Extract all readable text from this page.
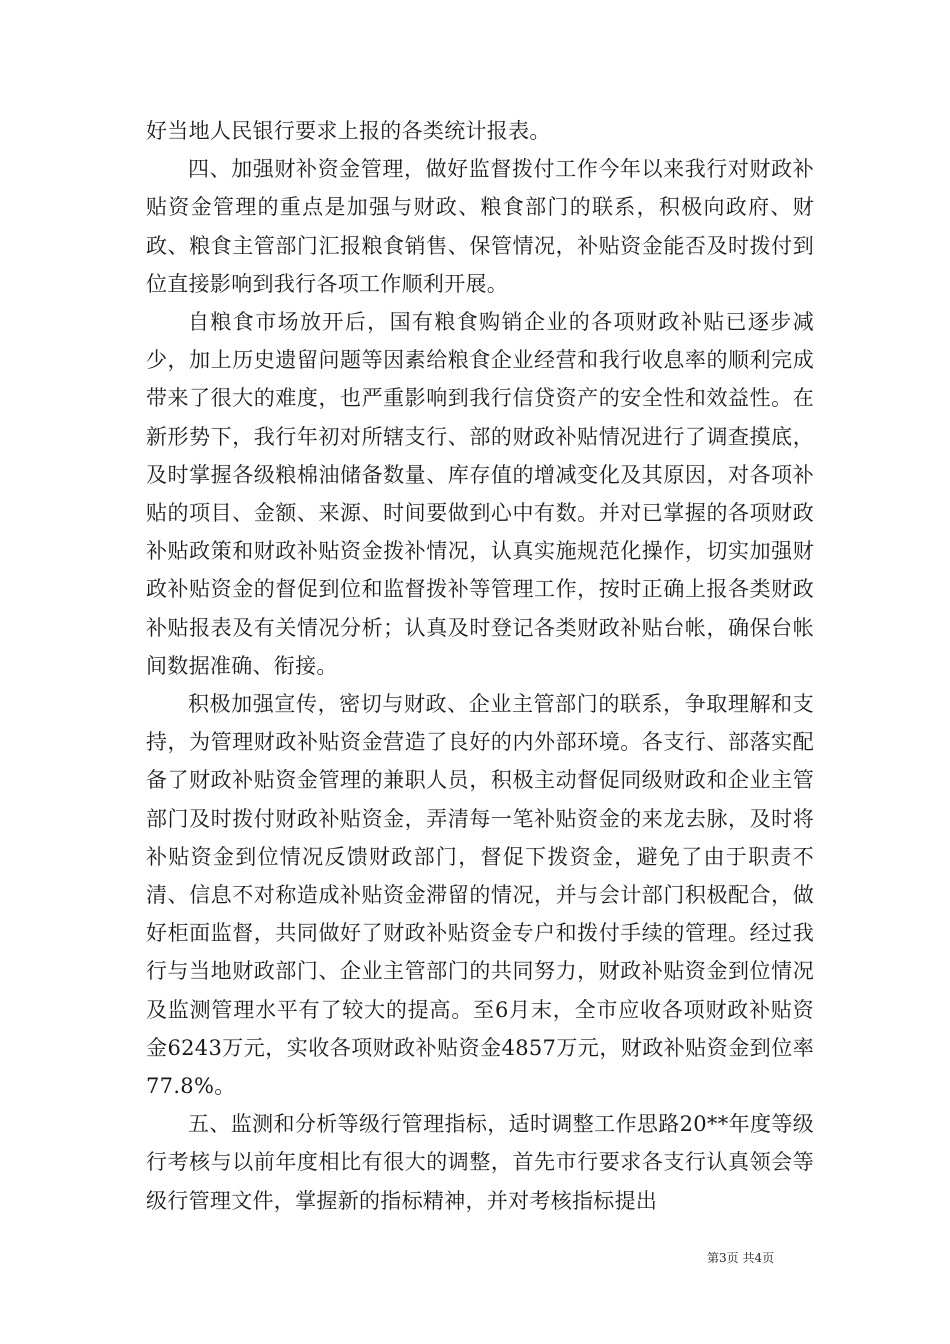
好当地人民银行要求上报的各类统计报表。

四、加强财补资金管理，做好监督拨付工作今年以来我行对财政补贴资金管理的重点是加强与财政、粮食部门的联系，积极向政府、财政、粮食主管部门汇报粮食销售、保管情况，补贴资金能否及时拨付到位直接影响到我行各项工作顺利开展。

自粮食市场放开后，国有粮食购销企业的各项财政补贴已逐步减少，加上历史遗留问题等因素给粮食企业经营和我行收息率的顺利完成带来了很大的难度，也严重影响到我行信贷资产的安全性和效益性。在新形势下，我行年初对所辖支行、部的财政补贴情况进行了调查摸底，及时掌握各级粮棉油储备数量、库存值的增减变化及其原因，对各项补贴的项目、金额、来源、时间要做到心中有数。并对已掌握的各项财政补贴政策和财政补贴资金拨补情况，认真实施规范化操作，切实加强财政补贴资金的督促到位和监督拨补等管理工作，按时正确上报各类财政补贴报表及有关情况分析；认真及时登记各类财政补贴台帐，确保台帐间数据准确、衔接。

积极加强宣传，密切与财政、企业主管部门的联系，争取理解和支持，为管理财政补贴资金营造了良好的内外部环境。各支行、部落实配备了财政补贴资金管理的兼职人员，积极主动督促同级财政和企业主管部门及时拨付财政补贴资金，弄清每一笔补贴资金的来龙去脉，及时将补贴资金到位情况反馈财政部门，督促下拨资金，避免了由于职责不清、信息不对称造成补贴资金滞留的情况，并与会计部门积极配合，做好柜面监督，共同做好了财政补贴资金专户和拨付手续的管理。经过我行与当地财政部门、企业主管部门的共同努力，财政补贴资金到位情况及监测管理水平有了较大的提高。至6月末，全市应收各项财政补贴资金6243万元，实收各项财政补贴资金4857万元，财政补贴资金到位率77.8%。

五、监测和分析等级行管理指标，适时调整工作思路20**年度等级行考核与以前年度相比有很大的调整，首先市行要求各支行认真领会等级行管理文件，掌握新的指标精神，并对考核指标提出

第3页 共4页
